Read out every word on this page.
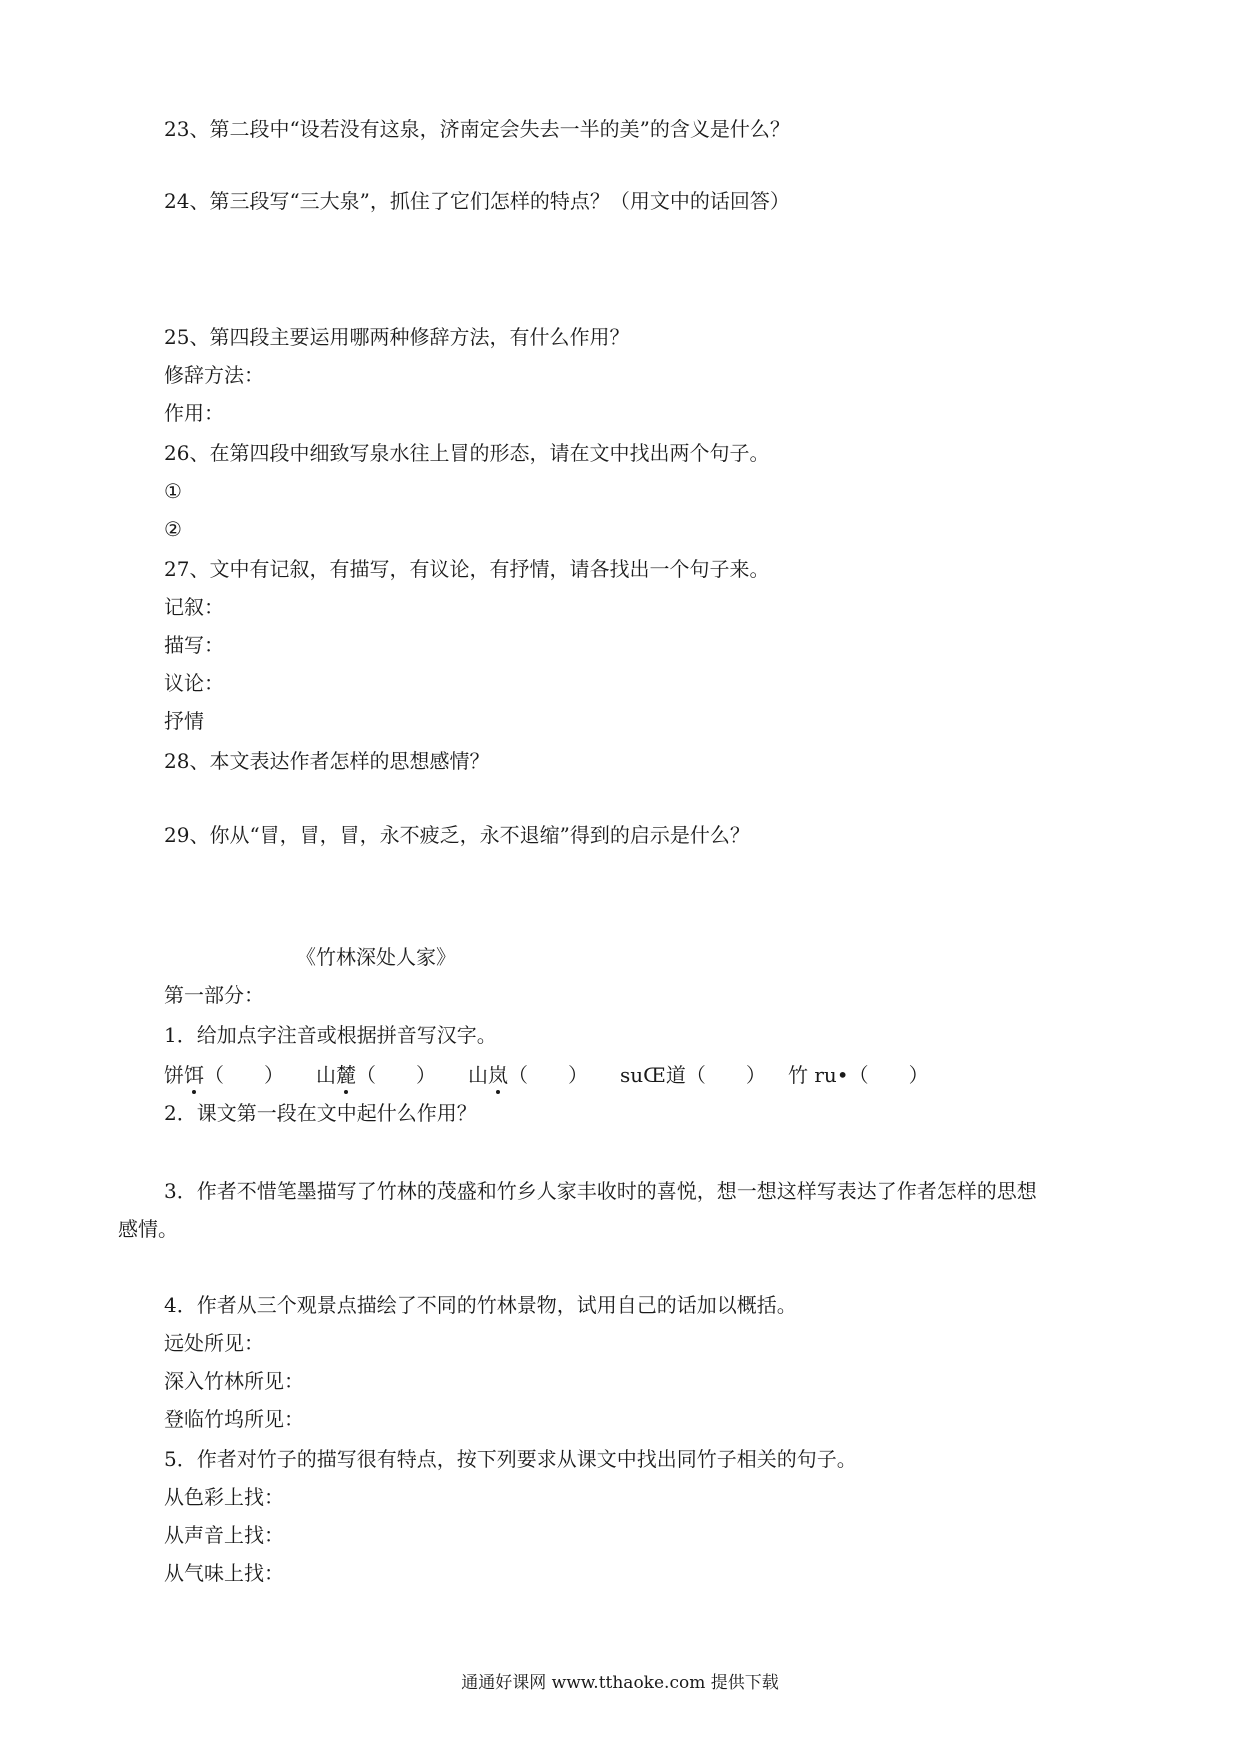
23、第二段中“设若没有这泉，济南定会失去一半的美”的含义是什么？
24、第三段写“三大泉”，抓住了它们怎样的特点？（用文中的话回答）
25、第四段主要运用哪两种修辞方法，有什么作用？
修辞方法：
作用：
26、在第四段中细致写泉水往上冒的形态，请在文中找出两个句子。
①
②
27、文中有记叙，有描写，有议论，有抒情，请各找出一个句子来。
记叙：
描写：
议论：
抒情
28、本文表达作者怎样的思想感情？
29、你从“冒，冒，冒，永不疲乏，永不退缩”得到的启示是什么？
《竹林深处人家》
第一部分：
1．给加点字注音或根据拼音写汉字。
饼饵（　　） 山麓（　　） 山岚（　　） suŒ道（　　） 竹 ru•（　　）
2．课文第一段在文中起什么作用？
3．作者不惜笔墨描写了竹林的茂盛和竹乡人家丰收时的喜悦，想一想这样写表达了作者怎样的思想
感情。
4．作者从三个观景点描绘了不同的竹林景物，试用自己的话加以概括。
远处所见：
深入竹林所见：
登临竹坞所见：
5．作者对竹子的描写很有特点，按下列要求从课文中找出同竹子相关的句子。
从色彩上找：
从声音上找：
从气味上找：
通通好课网 www.tthaoke.com 提供下载
